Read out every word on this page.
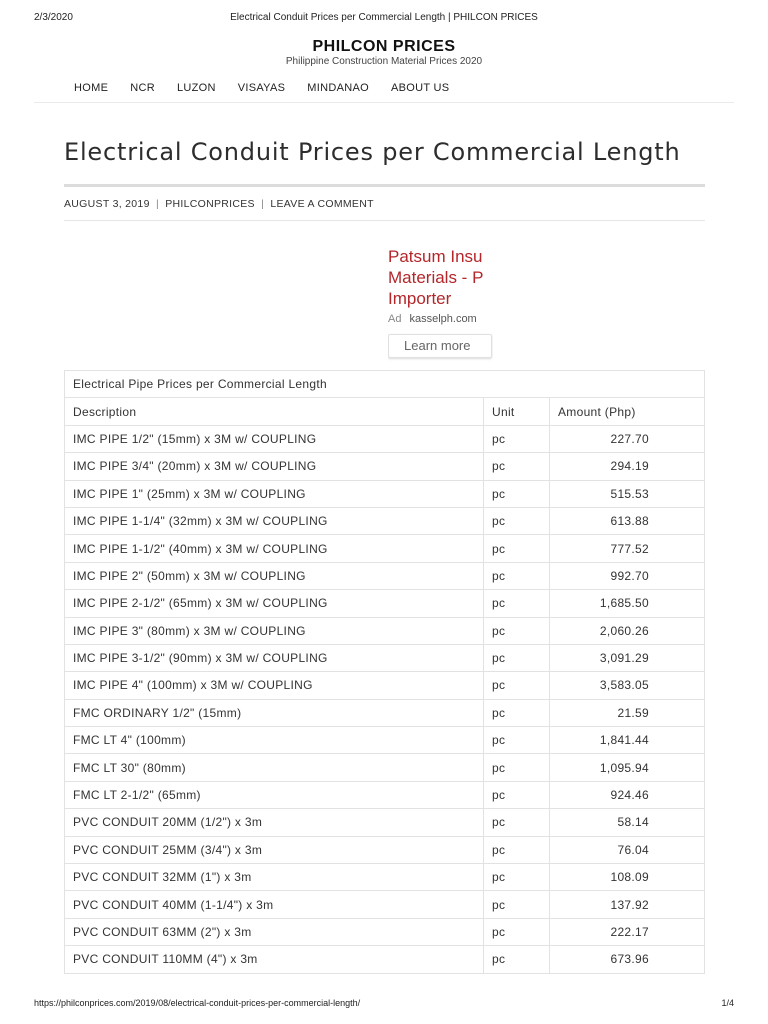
2/3/2020	Electrical Conduit Prices per Commercial Length | PHILCON PRICES
PHILCON PRICES
Philippine Construction Material Prices 2020
HOME NCR LUZON VISAYAS MINDANAO ABOUT US
Electrical Conduit Prices per Commercial Length
AUGUST 3, 2019 | PHILCONPRICES | LEAVE A COMMENT
Patsum Insu
Materials - P
Importer
Ad kasselph.com
Learn more
Electrical Pipe Prices per Commercial Length		
Description	Unit	Amount (Php)
IMC PIPE 1/2" (15mm) x 3M w/ COUPLING	pc	227.70
IMC PIPE 3/4" (20mm) x 3M w/ COUPLING	pc	294.19
IMC PIPE 1" (25mm) x 3M w/ COUPLING	pc	515.53
IMC PIPE 1-1/4" (32mm) x 3M w/ COUPLING	pc	613.88
IMC PIPE 1-1/2" (40mm) x 3M w/ COUPLING	pc	777.52
IMC PIPE 2" (50mm) x 3M w/ COUPLING	pc	992.70
IMC PIPE 2-1/2" (65mm) x 3M w/ COUPLING	pc	1,685.50
IMC PIPE 3" (80mm) x 3M w/ COUPLING	pc	2,060.26
IMC PIPE 3-1/2" (90mm) x 3M w/ COUPLING	pc	3,091.29
IMC PIPE 4" (100mm) x 3M w/ COUPLING	pc	3,583.05
FMC ORDINARY 1/2" (15mm)	pc	21.59
FMC LT 4" (100mm)	pc	1,841.44
FMC LT 30" (80mm)	pc	1,095.94
FMC LT 2-1/2" (65mm)	pc	924.46
PVC CONDUIT 20MM (1/2") x 3m	pc	58.14
PVC CONDUIT 25MM (3/4") x 3m	pc	76.04
PVC CONDUIT 32MM (1") x 3m	pc	108.09
PVC CONDUIT 40MM (1-1/4") x 3m	pc	137.92
PVC CONDUIT 63MM (2") x 3m	pc	222.17
PVC CONDUIT 110MM (4") x 3m	pc	673.96
https://philconprices.com/2019/08/electrical-conduit-prices-per-commercial-length/	1/4
